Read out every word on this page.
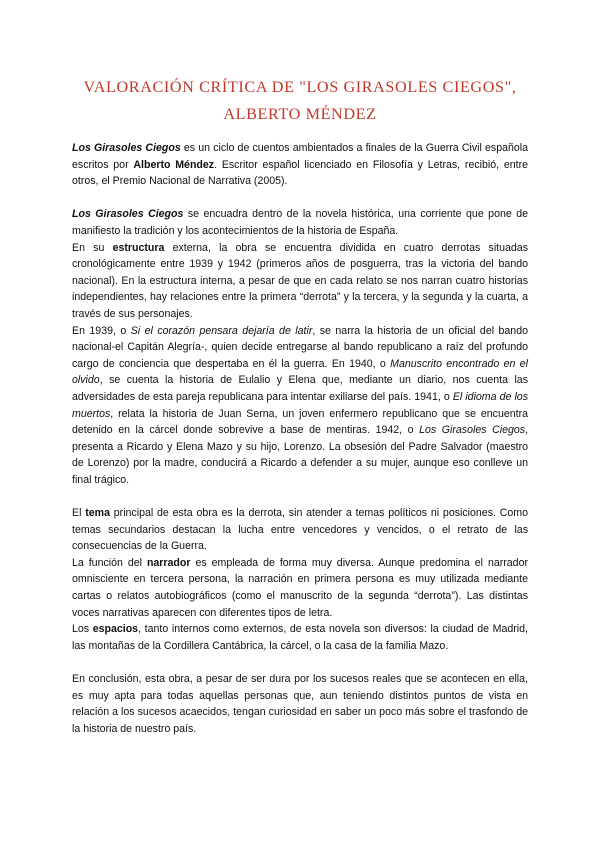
VALORACIÓN CRÍTICA DE "LOS GIRASOLES CIEGOS",
ALBERTO MÉNDEZ

Los Girasoles Ciegos es un ciclo de cuentos ambientados a finales de la Guerra Civil española escritos por Alberto Méndez. Escritor español licenciado en Filosofía y Letras, recibió, entre otros, el Premio Nacional de Narrativa (2005).

Los Girasoles Ciegos se encuadra dentro de la novela histórica, una corriente que pone de manifiesto la tradición y los acontecimientos de la historia de España.

En su estructura externa, la obra se encuentra dividida en cuatro derrotas situadas cronológicamente entre 1939 y 1942 (primeros años de posguerra, tras la victoria del bando nacional). En la estructura interna, a pesar de que en cada relato se nos narran cuatro historias independientes, hay relaciones entre la primera “derrota” y la tercera, y la segunda y la cuarta, a través de sus personajes.

En 1939, o Si el corazón pensara dejaría de latir, se narra la historia de un oficial del bando nacional-el Capitán Alegría-, quien decide entregarse al bando republicano a raíz del profundo cargo de conciencia que despertaba en él la guerra. En 1940, o Manuscrito encontrado en el olvido, se cuenta la historia de Eulalio y Elena que, mediante un diario, nos cuenta las adversidades de esta pareja republicana para intentar exiliarse del país. 1941, o El idioma de los muertos, relata la historia de Juan Serna, un joven enfermero republicano que se encuentra detenido en la cárcel donde sobrevive a base de mentiras. 1942, o Los Girasoles Ciegos, presenta a Ricardo y Elena Mazo y su hijo, Lorenzo. La obsesión del Padre Salvador (maestro de Lorenzo) por la madre, conducirá a Ricardo a defender a su mujer, aunque eso conlleve un final trágico.

El tema principal de esta obra es la derrota, sin atender a temas políticos ni posiciones. Como temas secundarios destacan la lucha entre vencedores y vencidos, o el retrato de las consecuencias de la Guerra.

La función del narrador es empleada de forma muy diversa. Aunque predomina el narrador omnisciente en tercera persona, la narración en primera persona es muy utilizada mediante cartas o relatos autobiográficos (como el manuscrito de la segunda “derrota”). Las distintas voces narrativas aparecen con diferentes tipos de letra.

Los espacios, tanto internos como externos, de esta novela son diversos: la ciudad de Madrid, las montañas de la Cordillera Cantábrica, la cárcel, o la casa de la familia Mazo.

En conclusión, esta obra, a pesar de ser dura por los sucesos reales que se acontecen en ella, es muy apta para todas aquellas personas que, aun teniendo distintos puntos de vista en relación a los sucesos acaecidos, tengan curiosidad en saber un poco más sobre el trasfondo de la historia de nuestro país.
